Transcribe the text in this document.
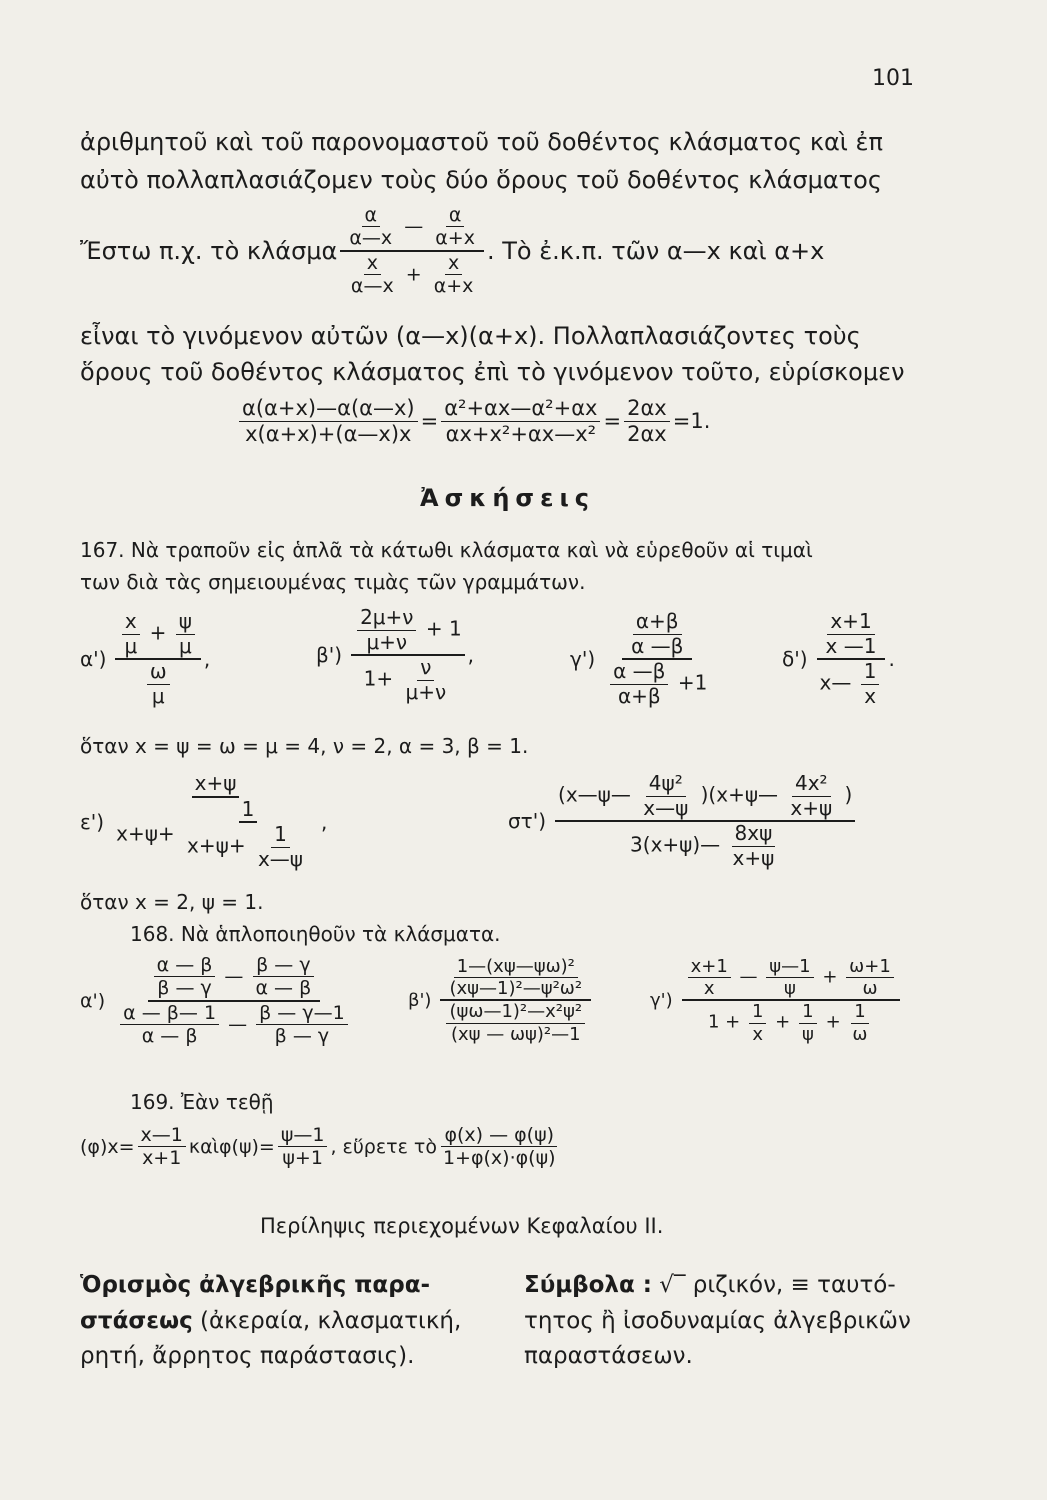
101
ἀριθμητοῦ καὶ τοῦ παρονομαστοῦ τοῦ δοθέντος κλάσματος καὶ ἐπ
αὐτὸ πολλαπλασιάζομεν τοὺς δύο ὅρους τοῦ δοθέντος κλάσματος
Ἔστω π.χ. τὸ κλάσμα $\frac{\frac{\alpha}{\alpha—x} — \frac{\alpha}{\alpha+x}}{\frac{x}{\alpha—x} + \frac{x}{\alpha+x}}$ . Τὸ ἐ.κ.π. τῶν α—x καὶ α+x
εἶναι τὸ γινόμενον αὐτῶν (α—x)(α+x). Πολλαπλασιάζοντες τοὺς
ὅρους τοῦ δοθέντος κλάσματος ἐπὶ τὸ γινόμενον τοῦτο, εὑρίσκομεν
$\frac{\alpha(\alpha+x)—\alpha(\alpha—x)}{x(\alpha+x)+(\alpha—x)x} = \frac{\text{α²+αx—α²+αx}}{\text{αx+x²+αx—x²}} = \frac{2\alpha x}{2\alpha x} = 1$.
Ἀσκήσεις
167. Νὰ τραποῦν εἰς ἁπλᾶ τὰ κάτωθι κλάσματα καὶ νὰ εὑρεθοῦν αἱ τιμαὶ
των διὰ τὰς σημειουμένας τιμὰς τῶν γραμμάτων.
$\alpha') \frac{\frac{x}{\mu} + \frac{\psi}{\mu}}{\frac{\omega}{\mu}}$ ,	$\beta') \frac{\frac{2\mu+\nu}{\mu+\nu} + 1}{1+ \frac{\nu}{\mu+\nu}}$ ,	$\gamma') \frac{\frac{\alpha+\beta}{\alpha —\beta}}{\frac{\alpha —\beta}{\alpha+\beta} +1}$	$\delta') \frac{\frac{x+1}{x —1}}{x— \frac{1}{x}}$ .
ὅταν x = ψ = ω = μ = 4, ν = 2, α = 3, β = 1.
$\varepsilon') \frac{x+\psi}{x+\psi+ \frac{1}{x+\psi+ \frac{1}{x—\psi}}}$ ,	$\sigma\tau') \frac{(x—\psi— \frac{\text{4ψ²}}{x—\psi} )(x+\psi— \frac{\text{4x²}}{x+\psi} )}{3(x+\psi)— \frac{8x\psi}{x+\psi}}$
ὅταν x = 2, ψ = 1.
168. Νὰ ἁπλοποιηθοῦν τὰ κλάσματα.
$\alpha') \frac{\frac{\alpha — \beta}{\beta — \gamma} — \frac{\beta — \gamma}{\alpha — \beta}}{\frac{\alpha — \beta— 1}{\alpha — \beta} — \frac{\beta — \gamma—1}{\beta — \gamma}}$	$\beta') \frac{\frac{\text{1—(xψ—ψω)²}}{\text{(xψ—1)²—ψ²ω²}}}{\frac{\text{(ψω—1)²—x²ψ²}}{\text{(xψ — ωψ)²—1}}}$	$\gamma') \frac{\frac{x+1}{x} — \frac{\psi—1}{\psi} + \frac{\omega+1}{\omega}}{1 + \frac{1}{x} + \frac{1}{\psi} + \frac{1}{\omega}}$
169. Ἐὰν τεθῇ
$(\varphi)x= \frac{x—1}{x+1}$ καὶφ(ψ)= $\frac{\psi—1}{\psi+1}$ , εὕρετε τὸ $\frac{\varphi(x) — \varphi(\psi)}{1+\varphi(x)\cdot\varphi(\psi)}$
Περίληψις περιεχομένων Κεφαλαίου ΙΙ.
Ὁρισμὸς ἀλγεβρικῆς παρα-
στάσεως (ἀκεραία, κλασματική,
ρητή, ἄρρητος παράστασις).
Σύμβολα : √‾ ριζικόν, ≡ ταυτό-
τητος ἢ ἰσοδυναμίας ἀλγεβρικῶν
παραστάσεων.
